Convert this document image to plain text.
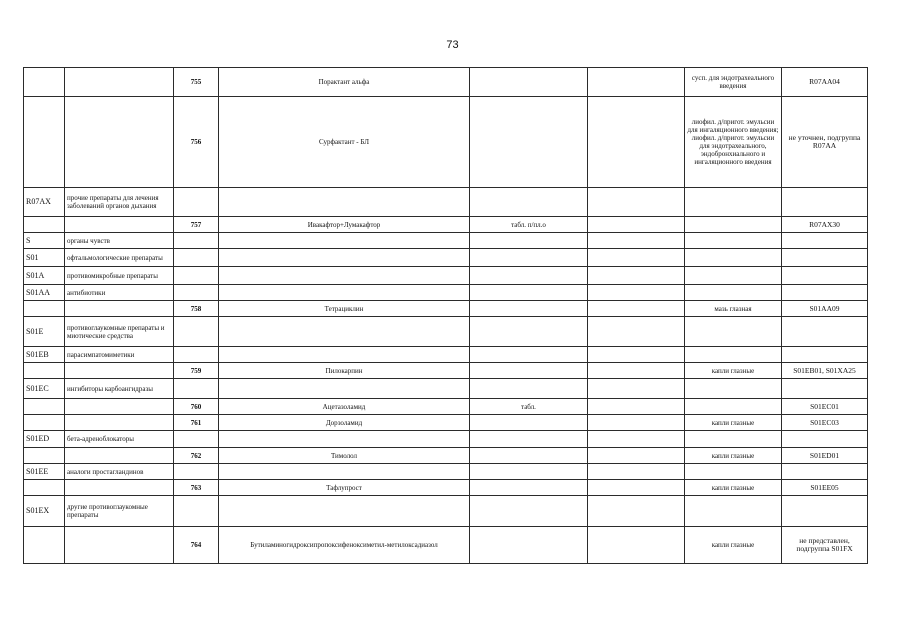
73
		755	Порактант альфа			сусп. для эндотрахеального введения	R07AA04
		756	Сурфактант - БЛ			лиофил. д/пригот. эмульсии для ингаляционного введения; лиофил. д/пригот. эмульсии для эндотрахеального, эндобронхиального и ингаляционного введения	не уточнен, подгруппа R07AA
R07AX	прочие препараты для лечения заболеваний органов дыхания						
		757	Ивакафтор+Лумакафтор	табл. п/пл.о			R07AX30
S	органы чувств						
S01	офтальмологические препараты						
S01A	противомикробные препараты						
S01AA	антибиотики						
		758	Тетрациклин			мазь глазная	S01AA09
S01E	противоглаукомные препараты и миотические средства						
S01EB	парасимпатомиметики						
		759	Пилокарпин			капли глазные	S01EB01, S01XA25
S01EC	ингибиторы карбоангидразы						
		760	Ацетазоламид	табл.			S01EC01
		761	Дорзоламид			капли глазные	S01EC03
S01ED	бета-адреноблокаторы						
		762	Тимолол			капли глазные	S01ED01
S01EE	аналоги простагландинов						
		763	Тафлупрост			капли глазные	S01EE05
S01EX	другие противоглаукомные препараты						
		764	Бутиламиногидроксипропоксифеноксиметил-метилоксадиазол			капли глазные	не представлен, подгруппа S01FX
